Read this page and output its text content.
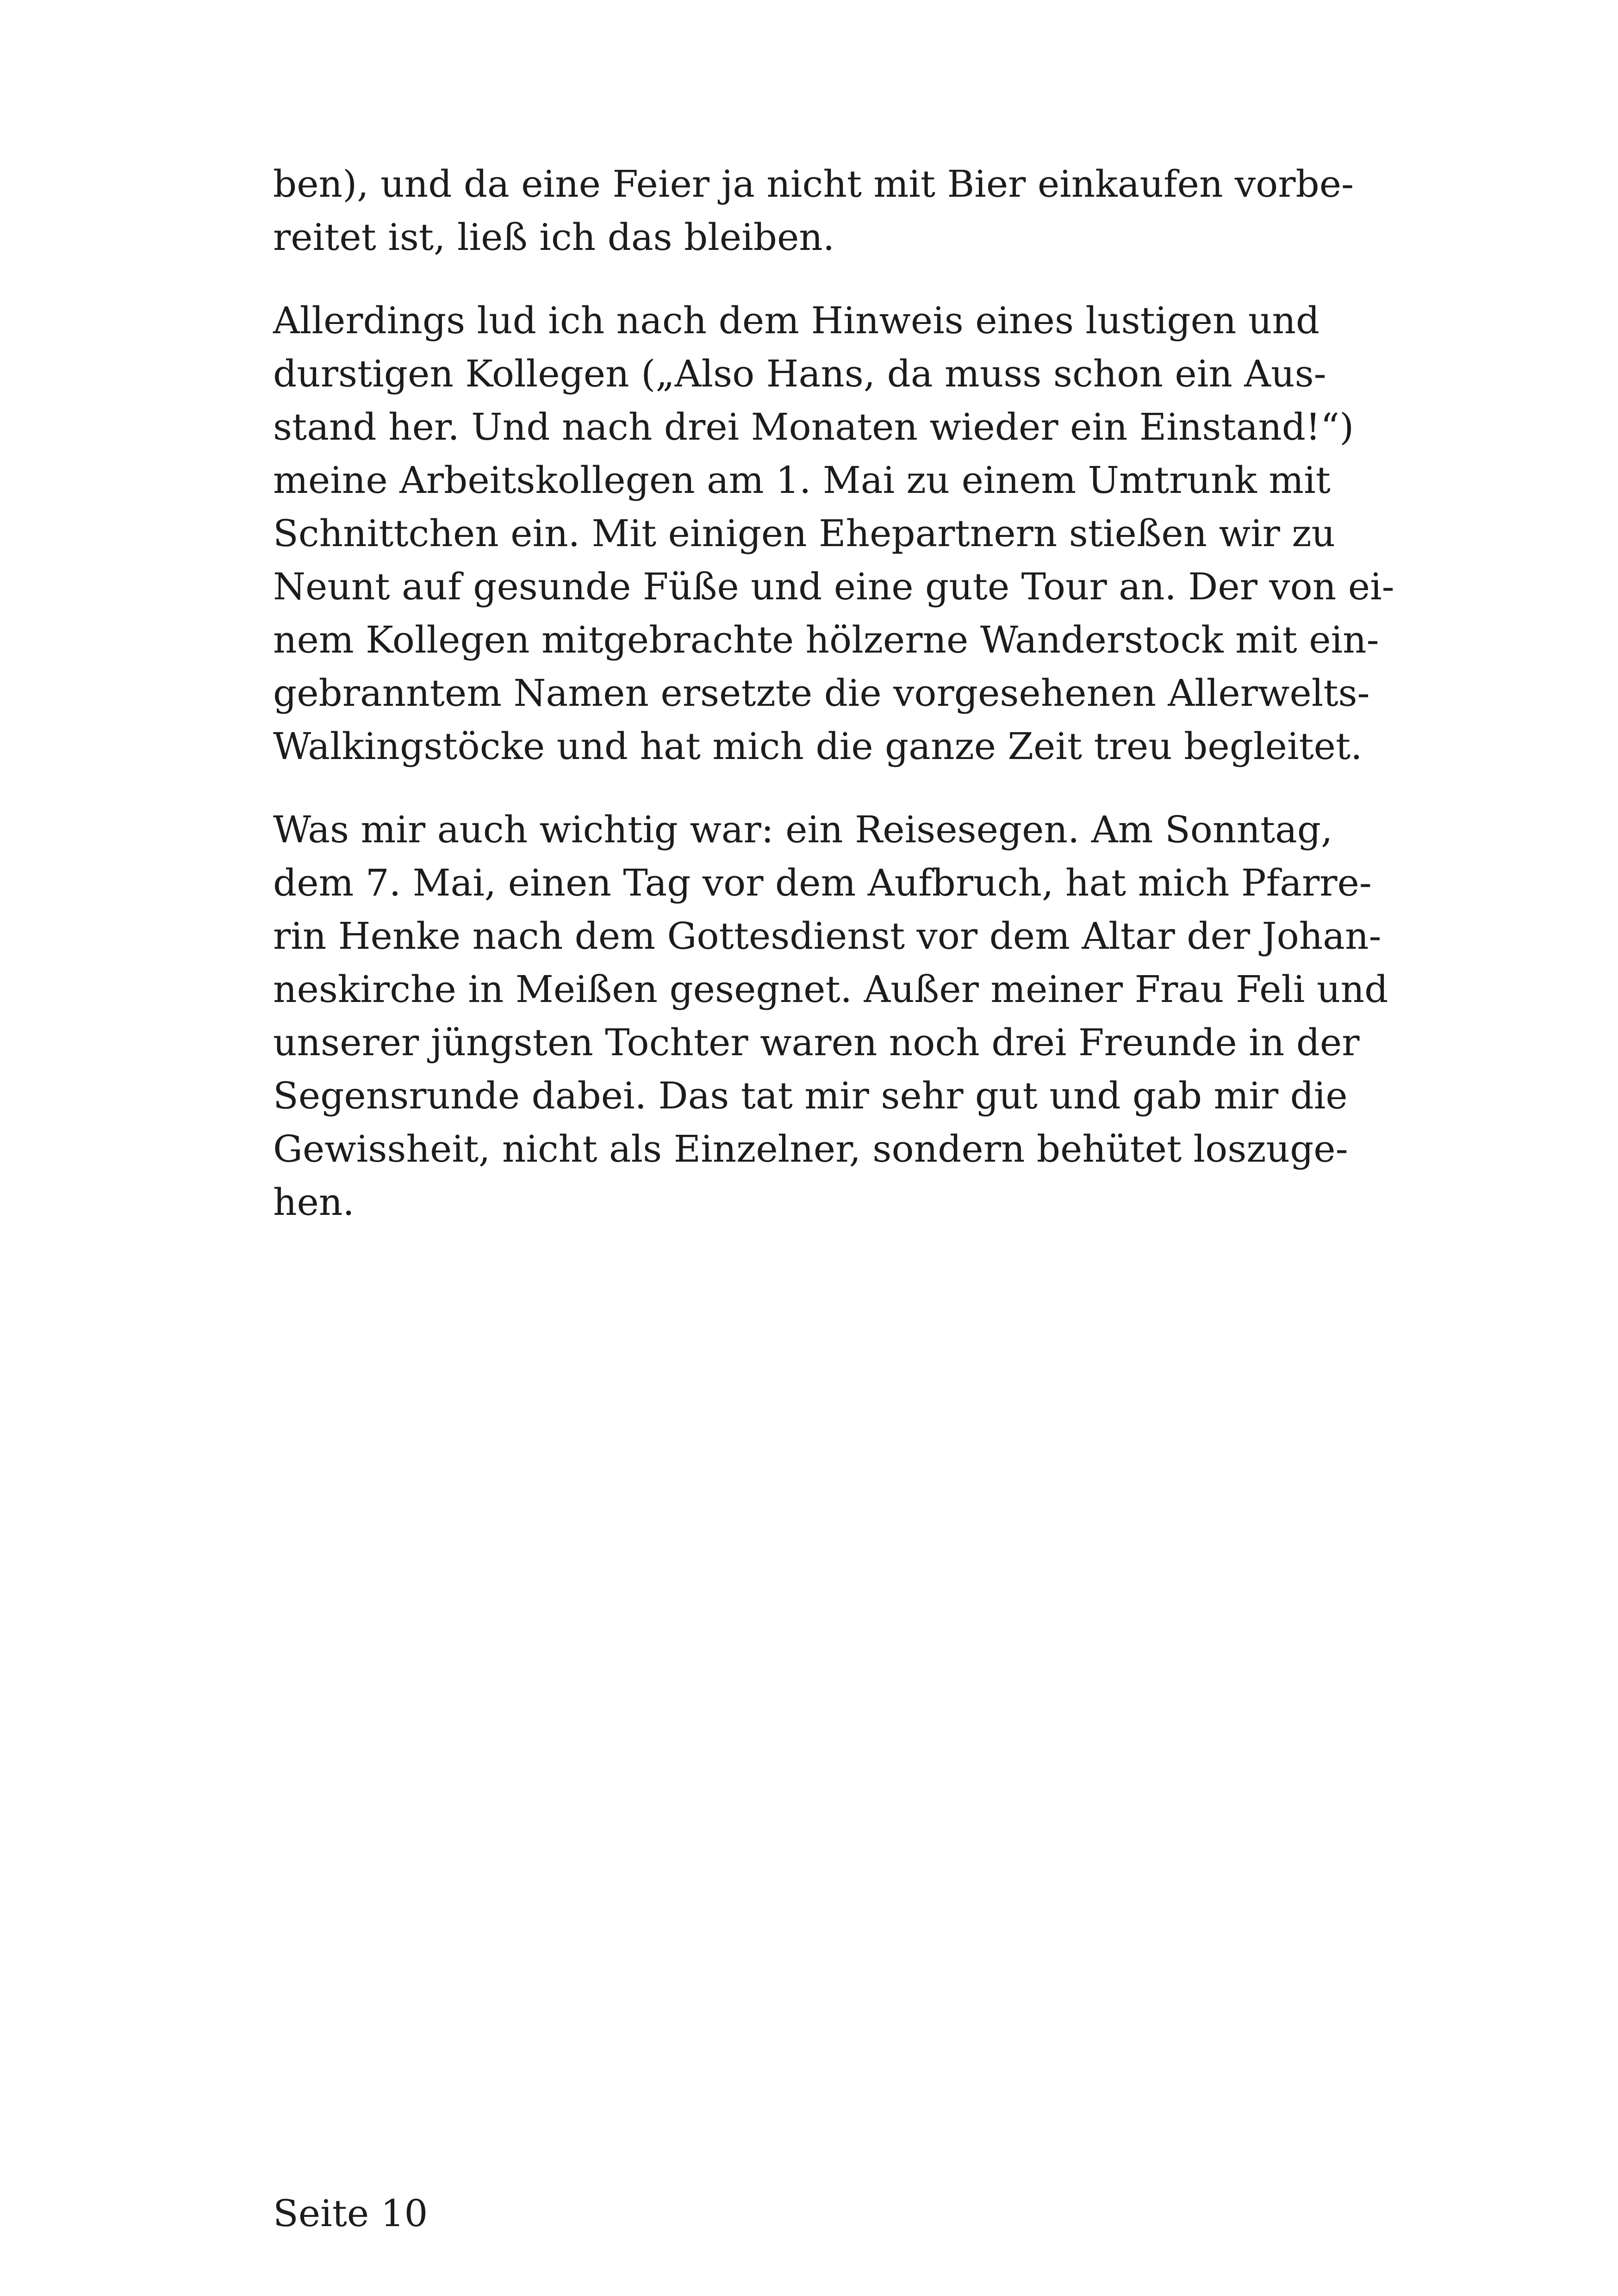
ben), und da eine Feier ja nicht mit Bier einkaufen vorbe-
reitet ist, ließ ich das bleiben.

Allerdings lud ich nach dem Hinweis eines lustigen und
durstigen Kollegen („Also Hans, da muss schon ein Aus-
stand her. Und nach drei Monaten wieder ein Einstand!“)
meine Arbeitskollegen am 1. Mai zu einem Umtrunk mit
Schnittchen ein. Mit einigen Ehepartnern stießen wir zu
Neunt auf gesunde Füße und eine gute Tour an. Der von ei-
nem Kollegen mitgebrachte hölzerne Wanderstock mit ein-
gebranntem Namen ersetzte die vorgesehenen Allerwelts-
Walkingstöcke und hat mich die ganze Zeit treu begleitet.

Was mir auch wichtig war: ein Reisesegen. Am Sonntag,
dem 7. Mai, einen Tag vor dem Aufbruch, hat mich Pfarre-
rin Henke nach dem Gottesdienst vor dem Altar der Johan-
neskirche in Meißen gesegnet. Außer meiner Frau Feli und
unserer jüngsten Tochter waren noch drei Freunde in der
Segensrunde dabei. Das tat mir sehr gut und gab mir die
Gewissheit, nicht als Einzelner, sondern behütet loszuge-
hen.

Seite 10
